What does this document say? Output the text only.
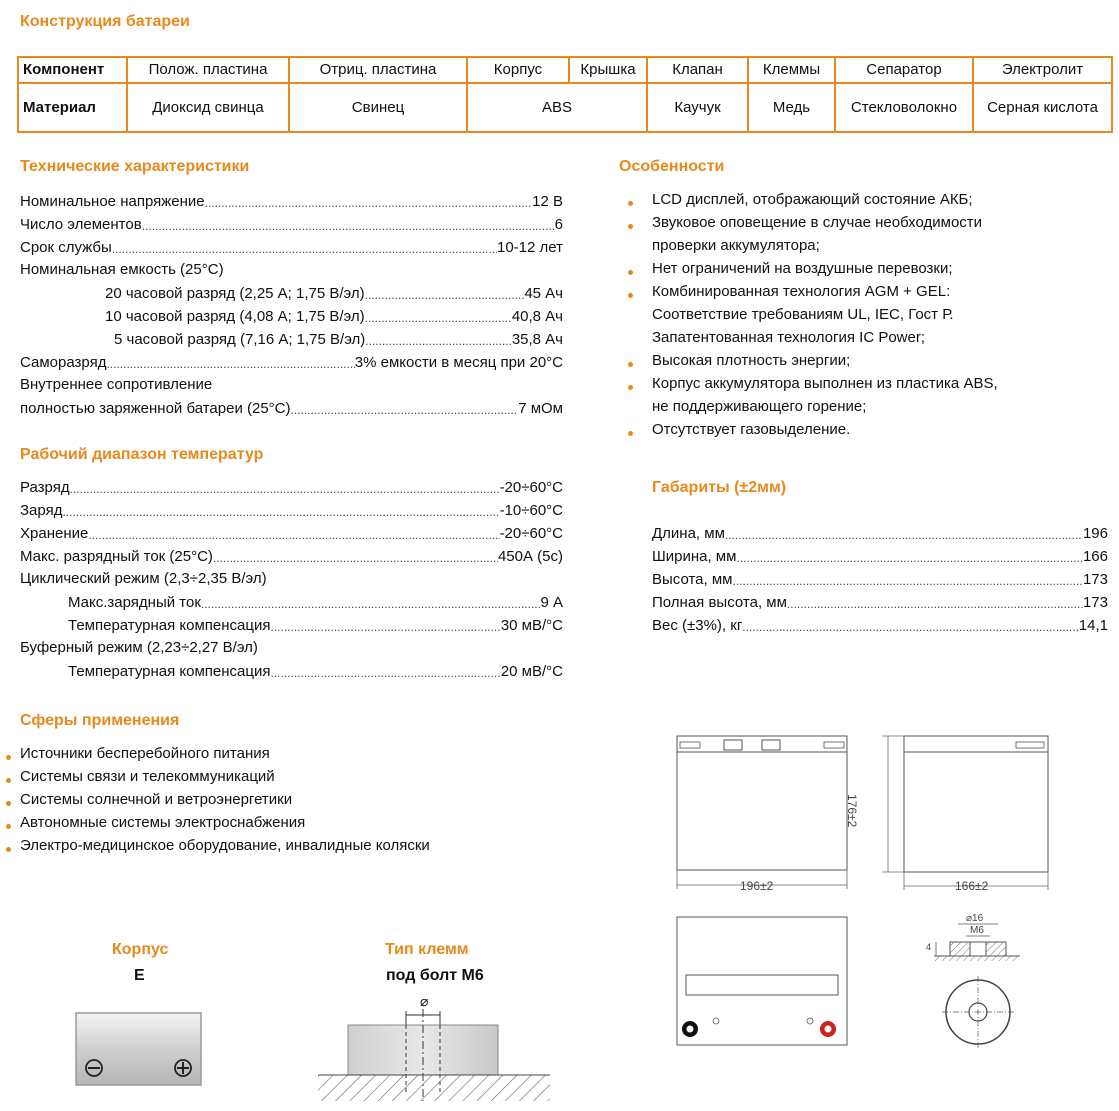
Конструкция батареи
Компонент	Полож. пластина	Отриц. пластина	Корпус	Крышка	Клапан	Клеммы	Сепаратор	Электролит
Материал	Диоксид свинца	Свинец	ABS		Каучук	Медь	Стекловолокно	Серная кислота
Технические характеристики
Номинальное напряжение .....	12 В
Число элементов .....	6
Срок службы .....	10-12 лет
Номинальная емкость (25°C)
20 часовой разряд (2,25 А; 1,75 В/эл) .....	45 Ач
10 часовой разряд (4,08 А; 1,75 В/эл) .....	40,8 Ач
5 часовой разряд (7,16 А; 1,75 В/эл) .....	35,8 Ач
Саморазряд .....	3% емкости в месяц при 20°C
Внутреннее сопротивление
полностью заряженной батареи (25°C) .....	7 мОм
Особенности
LCD дисплей, отображающий состояние АКБ;
Звуковое оповещение в случае необходимости
проверки аккумулятора;
Нет ограничений на воздушные перевозки;
Комбинированная технология AGM + GEL:
Соответствие требованиям UL, IEC, Гост Р.
Запатентованная технология IC Power;
Высокая плотность энергии;
Корпус аккумулятора выполнен из пластика ABS,
не поддерживающего горение;
Отсутствует газовыделение.
Рабочий диапазон температур
Разряд .....	-20÷60°C
Заряд .....	-10÷60°C
Хранение .....	-20÷60°C
Макс. разрядный ток (25°C) .....	450А (5с)
Циклический режим (2,3÷2,35 В/эл)
Макс.зарядный ток .....	9 А
Температурная компенсация .....	30 мВ/°C
Буферный режим (2,23÷2,27 В/эл)
Температурная компенсация .....	20 мВ/°C
Габариты (±2мм)
Длина, мм .....	196
Ширина, мм .....	166
Высота, мм .....	173
Полная высота, мм .....	173
Вес (±3%), кг .....	14,1
Сферы применения
Источники бесперебойного питания
Системы связи и телекоммуникаций
Системы солнечной и ветроэнергетики
Автономные системы электроснабжения
Электро-медицинское оборудование, инвалидные коляски
Корпус
E
Тип клемм
под болт M6
⌀
196±2
176±2
166±2
⌀16
M6
4
